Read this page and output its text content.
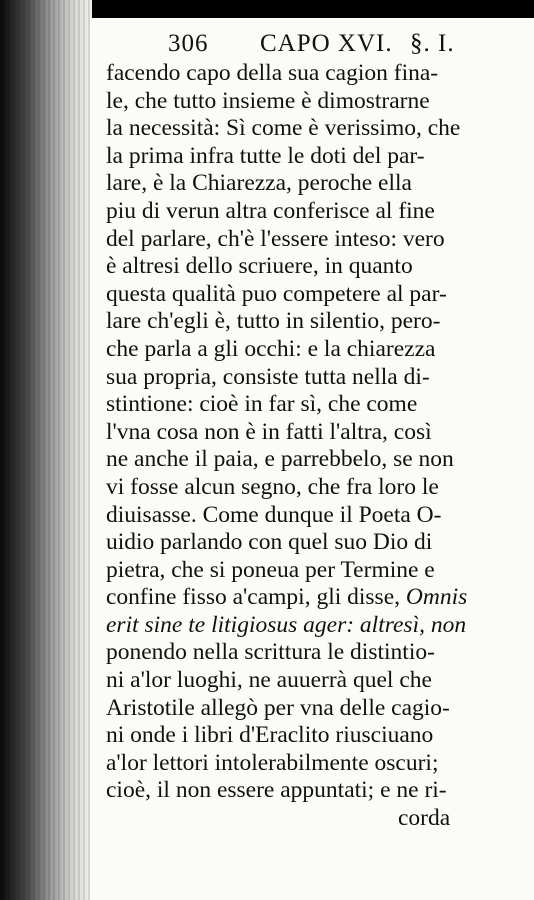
306 CAPO XVI. §. I.
facendo capo della sua cagion fina-
le, che tutto insieme è dimostrarne
la necessità: Sì come è verissimo, che
la prima infra tutte le doti del par-
lare, è la Chiarezza, peroche ella
piu di verun altra conferisce al fine
del parlare, ch'è l'essere inteso: vero
è altresi dello scriuere, in quanto
questa qualità puo competere al par-
lare ch'egli è, tutto in silentio, pero-
che parla a gli occhi: e la chiarezza
sua propria, consiste tutta nella di-
stintione: cioè in far sì, che come
l'vna cosa non è in fatti l'altra, così
ne anche il paia, e parrebbelo, se non
vi fosse alcun segno, che fra loro le
diuisasse. Come dunque il Poeta O-
uidio parlando con quel suo Dio di
pietra, che si poneua per Termine e
confine fisso a'campi, gli disse, Omnis
erit sine te litigiosus ager: altresì, non
ponendo nella scrittura le distintio-
ni a'lor luoghi, ne auuerrà quel che
Aristotile allegò per vna delle cagio-
ni onde i libri d'Eraclito riusciuano
a'lor lettori intolerabilmente oscuri;
cioè, il non essere appuntati; e ne ri-
corda
